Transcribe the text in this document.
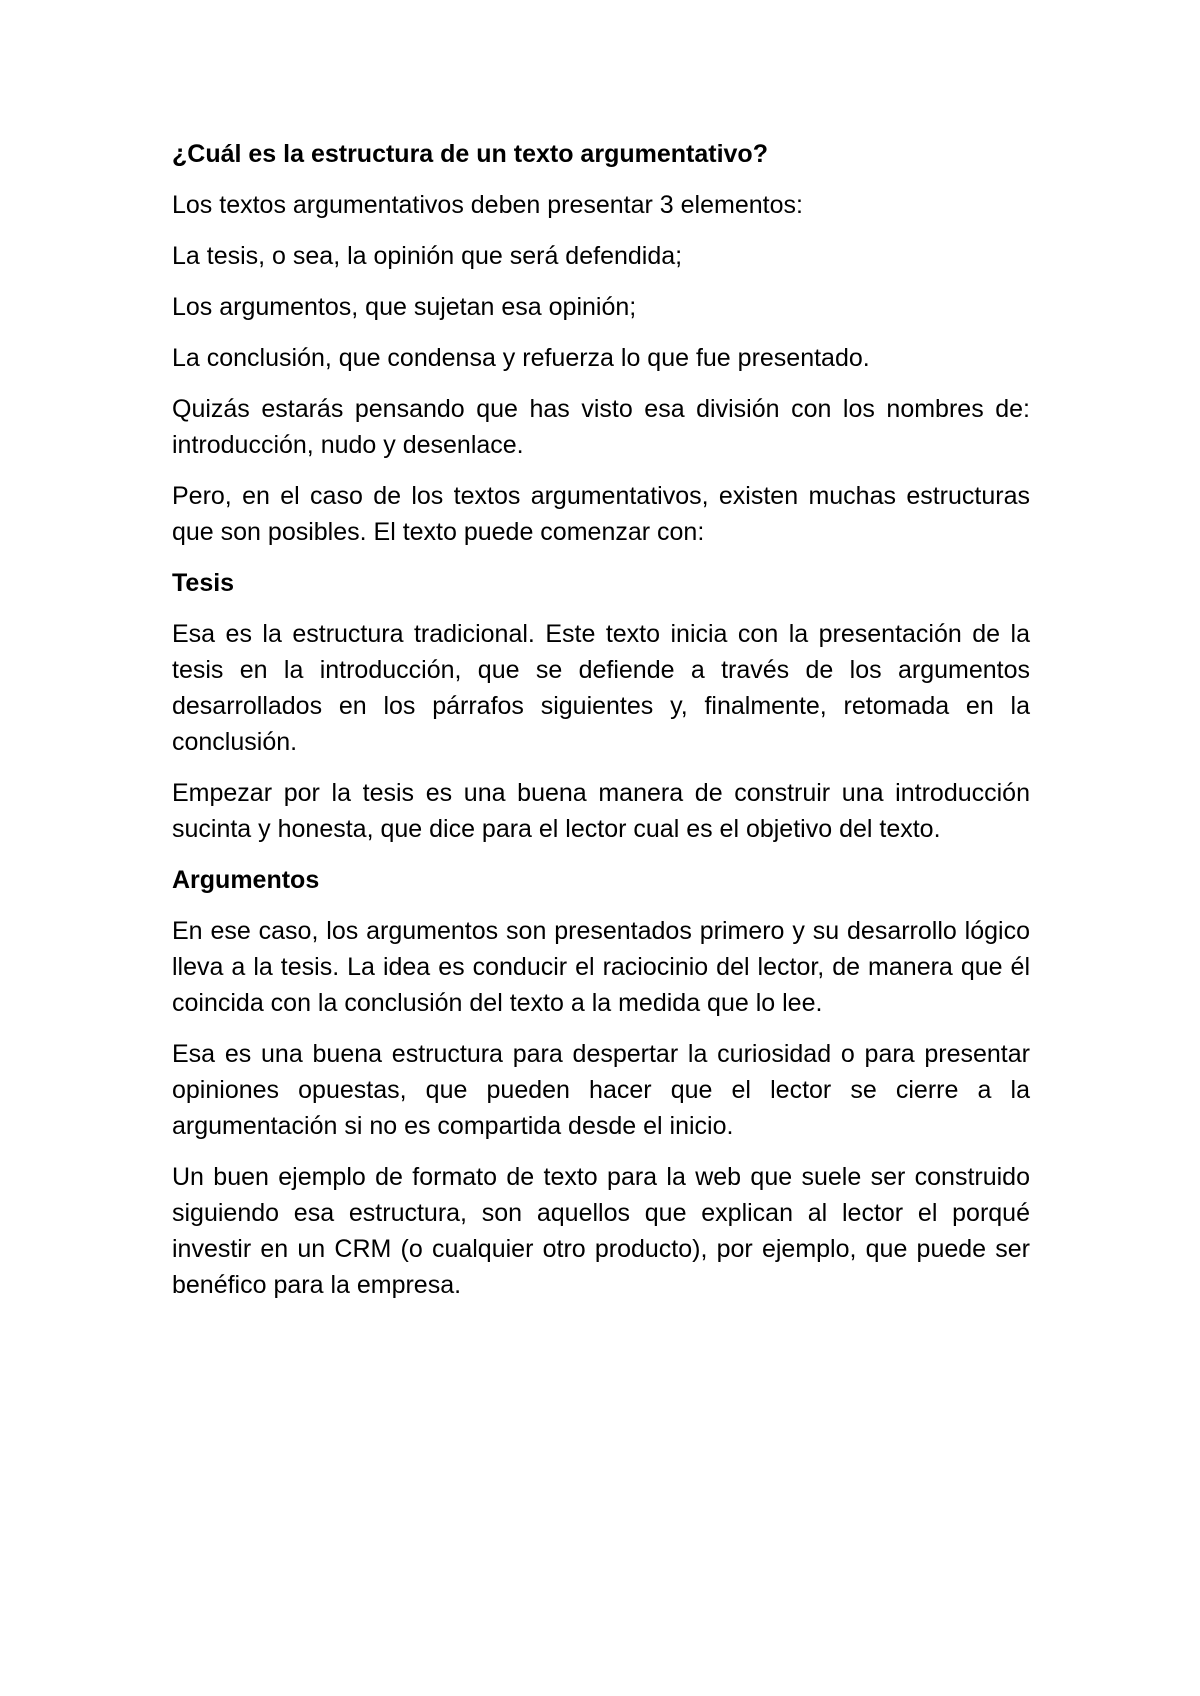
¿Cuál es la estructura de un texto argumentativo?

Los textos argumentativos deben presentar 3 elementos:

La tesis, o sea, la opinión que será defendida;

Los argumentos, que sujetan esa opinión;

La conclusión, que condensa y refuerza lo que fue presentado.

Quizás estarás pensando que has visto esa división con los nombres de: introducción, nudo y desenlace.

Pero, en el caso de los textos argumentativos, existen muchas estructuras que son posibles. El texto puede comenzar con:

Tesis

Esa es la estructura tradicional. Este texto inicia con la presentación de la tesis en la introducción, que se defiende a través de los argumentos desarrollados en los párrafos siguientes y, finalmente, retomada en la conclusión.

Empezar por la tesis es una buena manera de construir una introducción sucinta y honesta, que dice para el lector cual es el objetivo del texto.

Argumentos

En ese caso, los argumentos son presentados primero y su desarrollo lógico lleva a la tesis. La idea es conducir el raciocinio del lector, de manera que él coincida con la conclusión del texto a la medida que lo lee.

Esa es una buena estructura para despertar la curiosidad o para presentar opiniones opuestas, que pueden hacer que el lector se cierre a la argumentación si no es compartida desde el inicio.

Un buen ejemplo de formato de texto para la web que suele ser construido siguiendo esa estructura, son aquellos que explican al lector el porqué investir en un CRM (o cualquier otro producto), por ejemplo, que puede ser benéfico para la empresa.
